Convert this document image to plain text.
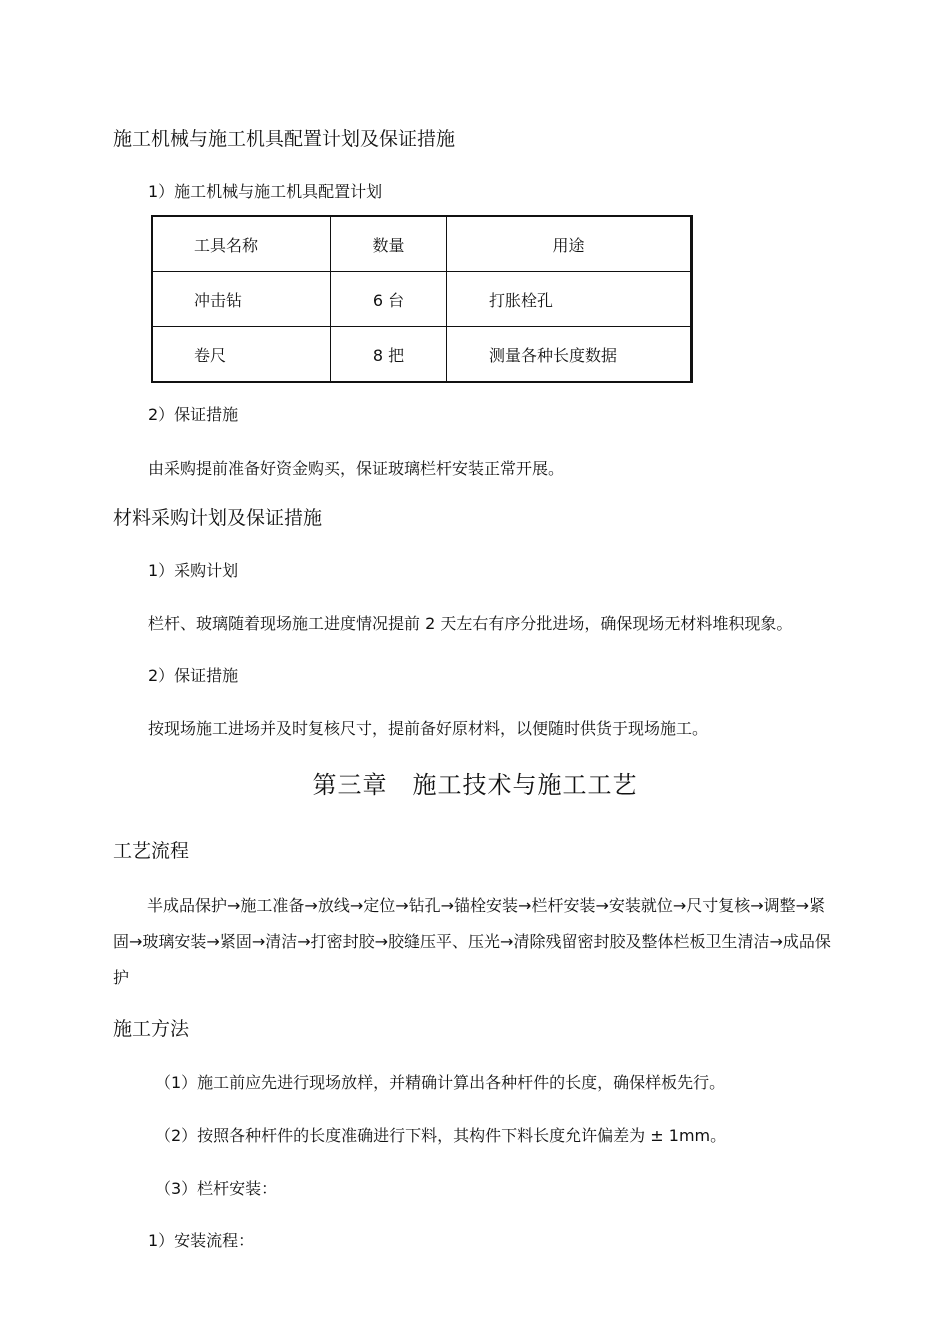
施工机械与施工机具配置计划及保证措施
1）施工机械与施工机具配置计划
工具名称	数量	用途
冲击钻	6 台	打胀栓孔
卷尺	8 把	测量各种长度数据
2）保证措施
由采购提前准备好资金购买，保证玻璃栏杆安装正常开展。
材料采购计划及保证措施
1）采购计划
栏杆、玻璃随着现场施工进度情况提前 2 天左右有序分批进场，确保现场无材料堆积现象。
2）保证措施
按现场施工进场并及时复核尺寸，提前备好原材料，以便随时供货于现场施工。
第三章　施工技术与施工工艺
工艺流程
半成品保护→施工准备→放线→定位→钻孔→锚栓安装→栏杆安装→安装就位→尺寸复核→调整→紧固→玻璃安装→紧固→清洁→打密封胶→胶缝压平、压光→清除残留密封胶及整体栏板卫生清洁→成品保护
施工方法
（1）施工前应先进行现场放样，并精确计算出各种杆件的长度，确保样板先行。
（2）按照各种杆件的长度准确进行下料，其构件下料长度允许偏差为 ± 1mm。
（3）栏杆安装：
1）安装流程：
